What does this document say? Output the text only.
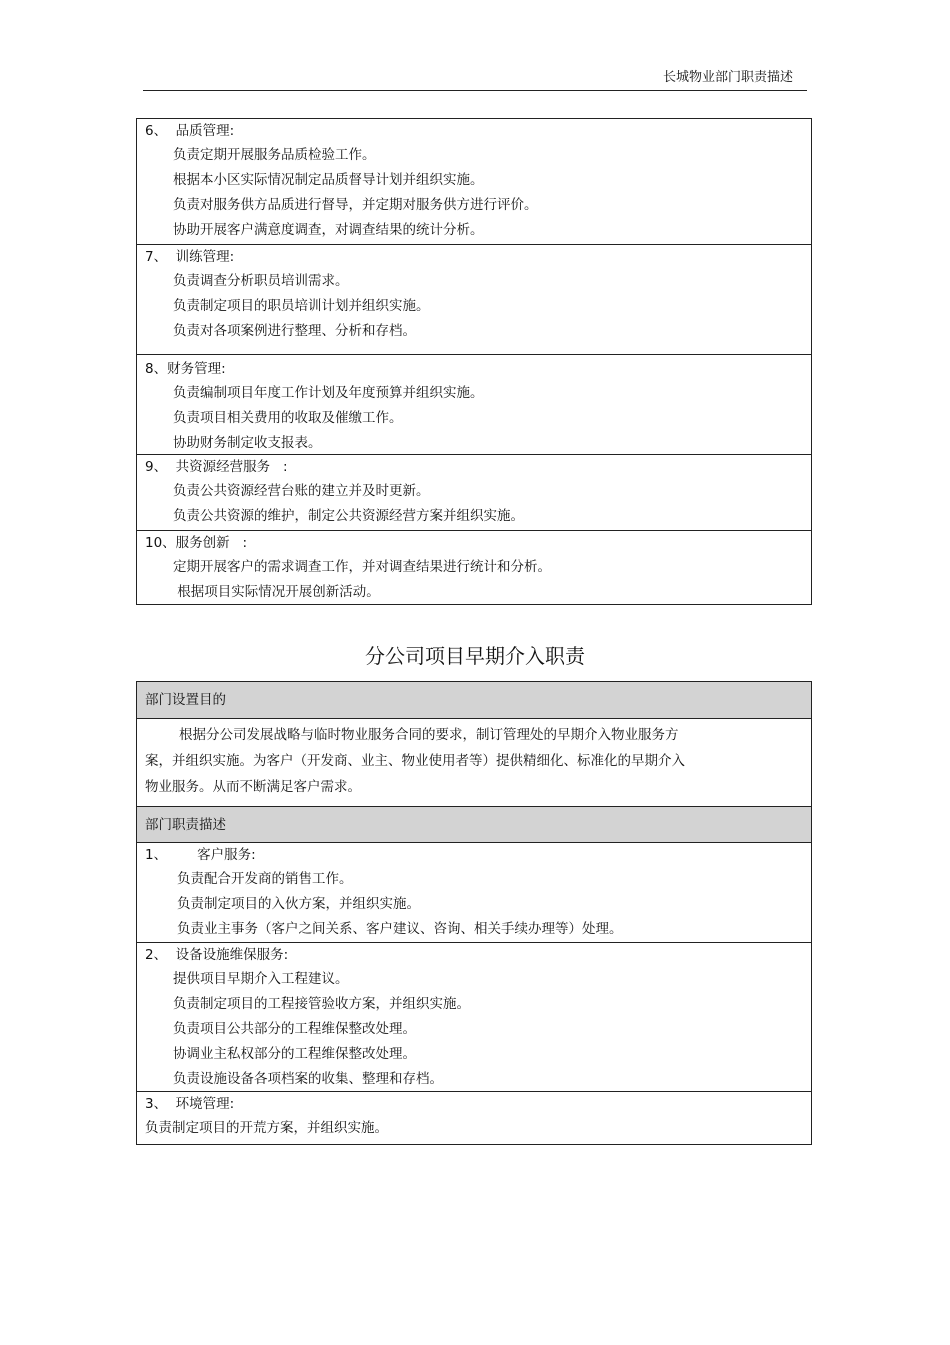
长城物业部门职责描述
6、  品质管理:
负责定期开展服务品质检验工作。
根据本小区实际情况制定品质督导计划并组织实施。
负责对服务供方品质进行督导，并定期对服务供方进行评价。
协助开展客户满意度调查，对调查结果的统计分析。
7、  训练管理:
负责调查分析职员培训需求。
负责制定项目的职员培训计划并组织实施。
负责对各项案例进行整理、分析和存档。
8、财务管理:
负责编制项目年度工作计划及年度预算并组织实施。
负责项目相关费用的收取及催缴工作。
协助财务制定收支报表。
9、  共资源经营服务   :
负责公共资源经营台账的建立并及时更新。
负责公共资源的维护，制定公共资源经营方案并组织实施。
10、服务创新   :
定期开展客户的需求调查工作，并对调查结果进行统计和分析。
根据项目实际情况开展创新活动。
分公司项目早期介入职责
部门设置目的
根据分公司发展战略与临时物业服务合同的要求，制订管理处的早期介入物业服务方
案，并组织实施。为客户（开发商、业主、物业使用者等）提供精细化、标准化的早期介入
物业服务。从而不断满足客户需求。
部门职责描述
1、       客户服务:
负责配合开发商的销售工作。
负责制定项目的入伙方案，并组织实施。
负责业主事务（客户之间关系、客户建议、咨询、相关手续办理等）处理。
2、  设备设施维保服务:
提供项目早期介入工程建议。
负责制定项目的工程接管验收方案，并组织实施。
负责项目公共部分的工程维保整改处理。
协调业主私权部分的工程维保整改处理。
负责设施设备各项档案的收集、整理和存档。
3、  环境管理:
负责制定项目的开荒方案，并组织实施。
